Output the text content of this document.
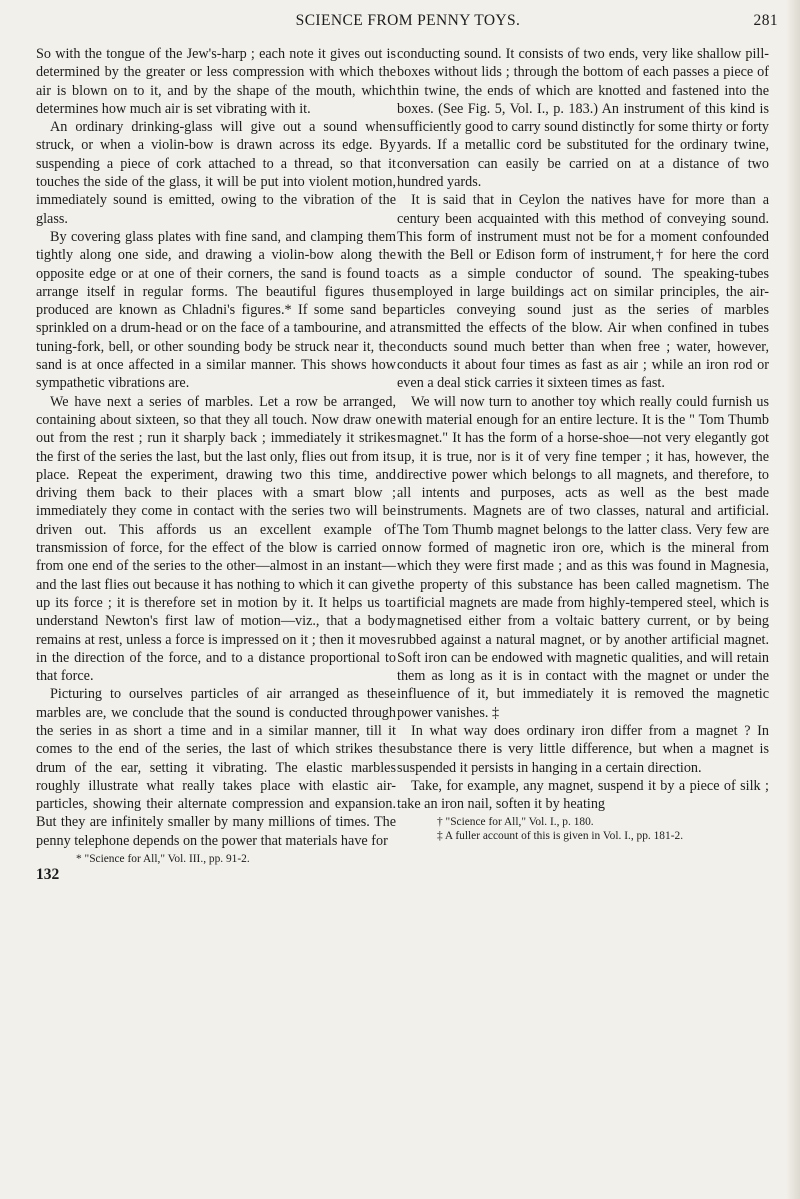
SCIENCE FROM PENNY TOYS.	281

So with the tongue of the Jew's-harp ; each note it gives out is determined by the greater or less compression with which the air is blown on to it, and by the shape of the mouth, which determines how much air is set vibrating with it.

An ordinary drinking-glass will give out a sound when struck, or when a violin-bow is drawn across its edge. By suspending a piece of cork attached to a thread, so that it touches the side of the glass, it will be put into violent motion, immediately sound is emitted, owing to the vibration of the glass.

By covering glass plates with fine sand, and clamping them tightly along one side, and drawing a violin-bow along the opposite edge or at one of their corners, the sand is found to arrange itself in regular forms. The beautiful figures thus produced are known as Chladni's figures.* If some sand be sprinkled on a drum-head or on the face of a tambourine, and a tuning-fork, bell, or other sounding body be struck near it, the sand is at once affected in a similar manner. This shows how sympathetic vibrations are.

We have next a series of marbles. Let a row be arranged, containing about sixteen, so that they all touch. Now draw one out from the rest ; run it sharply back ; immediately it strikes the first of the series the last, but the last only, flies out from its place. Repeat the experiment, drawing two this time, and driving them back to their places with a smart blow ; immediately they come in contact with the series two will be driven out. This affords us an excellent example of transmission of force, for the effect of the blow is carried on from one end of the series to the other—almost in an instant—and the last flies out because it has nothing to which it can give up its force ; it is therefore set in motion by it. It helps us to understand Newton's first law of motion—viz., that a body remains at rest, unless a force is impressed on it ; then it moves in the direction of the force, and to a distance proportional to that force.

Picturing to ourselves particles of air arranged as these marbles are, we conclude that the sound is conducted through the series in as short a time and in a similar manner, till it comes to the end of the series, the last of which strikes the drum of the ear, setting it vibrating. The elastic marbles roughly illustrate what really takes place with elastic air-particles, showing their alternate compression and expansion. But they are infinitely smaller by many millions of times. The penny telephone depends on the power that materials have for

* "Science for All," Vol. III., pp. 91-2.

132

conducting sound. It consists of two ends, very like shallow pill-boxes without lids ; through the bottom of each passes a piece of thin twine, the ends of which are knotted and fastened into the boxes. (See Fig. 5, Vol. I., p. 183.) An instrument of this kind is sufficiently good to carry sound distinctly for some thirty or forty yards. If a metallic cord be substituted for the ordinary twine, conversation can easily be carried on at a distance of two hundred yards.

It is said that in Ceylon the natives have for more than a century been acquainted with this method of conveying sound. This form of instrument must not be for a moment confounded with the Bell or Edison form of instrument,† for here the cord acts as a simple conductor of sound. The speaking-tubes employed in large buildings act on similar principles, the air-particles conveying sound just as the series of marbles transmitted the effects of the blow. Air when confined in tubes conducts sound much better than when free ; water, however, conducts it about four times as fast as air ; while an iron rod or even a deal stick carries it sixteen times as fast.

We will now turn to another toy which really could furnish us with material enough for an entire lecture. It is the " Tom Thumb magnet." It has the form of a horse-shoe—not very elegantly got up, it is true, nor is it of very fine temper ; it has, however, the directive power which belongs to all magnets, and therefore, to all intents and purposes, acts as well as the best made instruments. Magnets are of two classes, natural and artificial. The Tom Thumb magnet belongs to the latter class. Very few are now formed of magnetic iron ore, which is the mineral from which they were first made ; and as this was found in Magnesia, the property of this substance has been called magnetism. The artificial magnets are made from highly-tempered steel, which is magnetised either from a voltaic battery current, or by being rubbed against a natural magnet, or by another artificial magnet. Soft iron can be endowed with magnetic qualities, and will retain them as long as it is in contact with the magnet or under the influence of it, but immediately it is removed the magnetic power vanishes. ‡

In what way does ordinary iron differ from a magnet ? In substance there is very little difference, but when a magnet is suspended it persists in hanging in a certain direction.

Take, for example, any magnet, suspend it by a piece of silk ; take an iron nail, soften it by heating

† "Science for All," Vol. I., p. 180.

‡ A fuller account of this is given in Vol. I., pp. 181-2.
